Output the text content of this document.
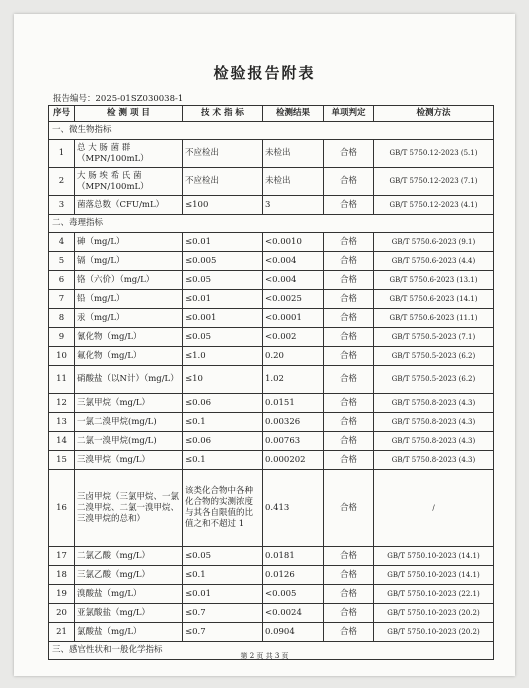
检验报告附表
报告编号：2025-01SZ030038-1
序号	检 测 项 目	技 术 指 标	检测结果	单项判定	检测方法
一、微生物指标					
1	总 大 肠 菌 群（MPN/100mL）	不应检出	未检出	合格	GB/T 5750.12-2023 (5.1)
2	大 肠 埃 希 氏 菌（MPN/100mL）	不应检出	未检出	合格	GB/T 5750.12-2023 (7.1)
3	菌落总数（CFU/mL）	≤100	3	合格	GB/T 5750.12-2023 (4.1)
二、毒理指标					
4	砷（mg/L）	≤0.01	<0.0010	合格	GB/T 5750.6-2023 (9.1)
5	镉（mg/L）	≤0.005	<0.004	合格	GB/T 5750.6-2023 (4.4)
6	铬（六价）（mg/L）	≤0.05	<0.004	合格	GB/T 5750.6-2023 (13.1)
7	铅（mg/L）	≤0.01	<0.0025	合格	GB/T 5750.6-2023 (14.1)
8	汞（mg/L）	≤0.001	<0.0001	合格	GB/T 5750.6-2023 (11.1)
9	氰化物（mg/L）	≤0.05	<0.002	合格	GB/T 5750.5-2023 (7.1)
10	氟化物（mg/L）	≤1.0	0.20	合格	GB/T 5750.5-2023 (6.2)
11	硝酸盐（以N计）（mg/L）	≤10	1.02	合格	GB/T 5750.5-2023 (6.2)
12	三氯甲烷（mg/L）	≤0.06	0.0151	合格	GB/T 5750.8-2023 (4.3)
13	一氯二溴甲烷(mg/L)	≤0.1	0.00326	合格	GB/T 5750.8-2023 (4.3)
14	二氯一溴甲烷(mg/L)	≤0.06	0.00763	合格	GB/T 5750.8-2023 (4.3)
15	三溴甲烷（mg/L）	≤0.1	0.000202	合格	GB/T 5750.8-2023 (4.3)
16	三卤甲烷（三氯甲烷、一氯二溴甲烷、二氯一溴甲烷、三溴甲烷的总和）	该类化合物中各种化合物的实测浓度与其各自限值的比值之和不超过 1	0.413	合格	/
17	二氯乙酸（mg/L）	≤0.05	0.0181	合格	GB/T 5750.10-2023 (14.1)
18	三氯乙酸（mg/L）	≤0.1	0.0126	合格	GB/T 5750.10-2023 (14.1)
19	溴酸盐（mg/L）	≤0.01	<0.005	合格	GB/T 5750.10-2023 (22.1)
20	亚氯酸盐（mg/L）	≤0.7	<0.0024	合格	GB/T 5750.10-2023 (20.2)
21	氯酸盐（mg/L）	≤0.7	0.0904	合格	GB/T 5750.10-2023 (20.2)
三、感官性状和一般化学指标					
第 2 页 共 3 页
